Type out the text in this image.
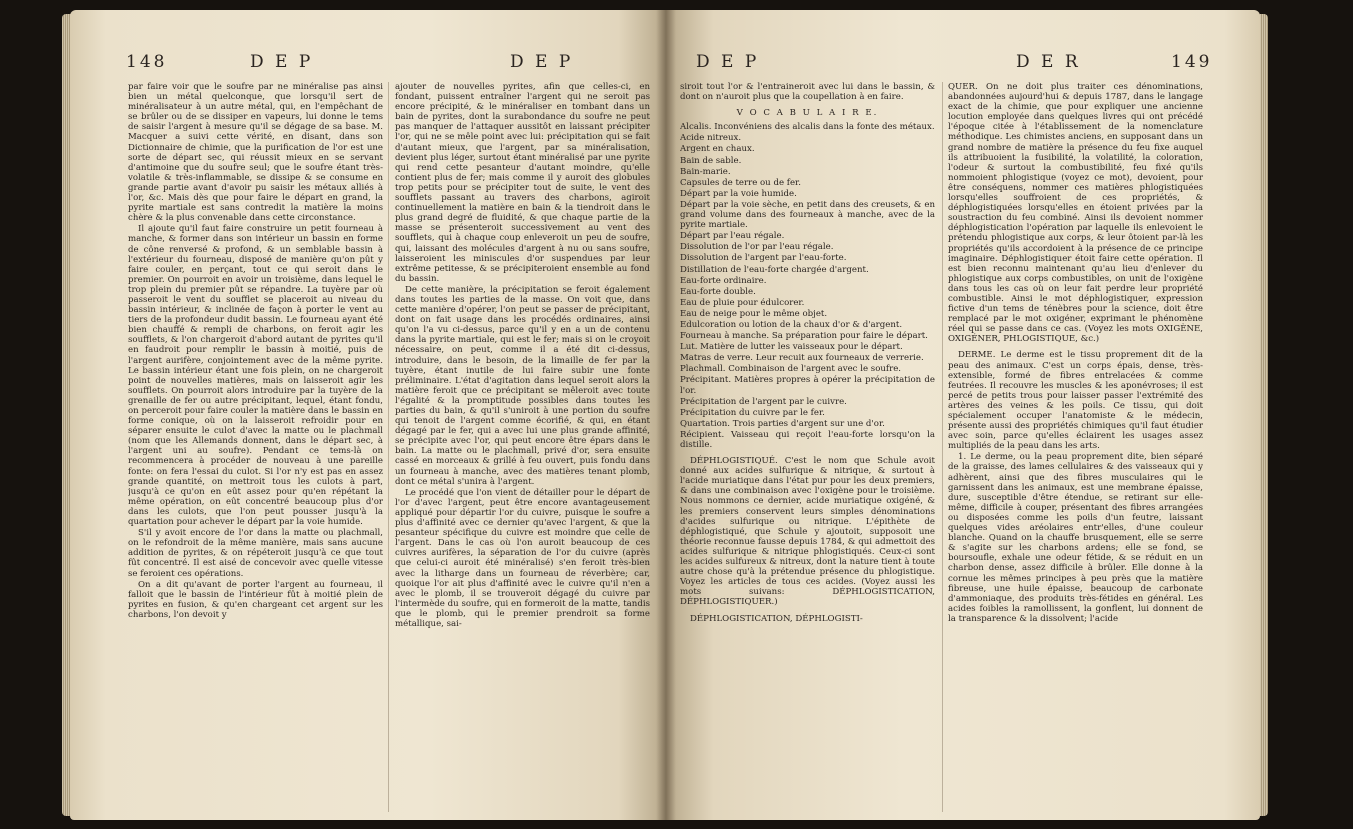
148	D E P	D E P

par faire voir que le soufre par ne minéralise pas ainsi bien un métal quelconque, que lorsqu'il sert de minéralisateur à un autre métal, qui, en l'empêchant de se brûler ou de se dissiper en vapeurs, lui donne le tems de saisir l'argent à mesure qu'il se dégage de sa base. M. Macquer a suivi cette vérité, en disant, dans son Dictionnaire de chimie, que la purification de l'or est une sorte de départ sec, qui réussit mieux en se servant d'antimoine que du soufre seul; que le soufre étant très-volatile & très-inflammable, se dissipe & se consume en grande partie avant d'avoir pu saisir les métaux alliés à l'or, &c. Mais dès que pour faire le départ en grand, la pyrite martiale est sans contredit la matière la moins chère & la plus convenable dans cette circonstance.

Il ajoute qu'il faut faire construire un petit fourneau à manche, & former dans son intérieur un bassin en forme de cône renversé & profond, & un semblable bassin à l'extérieur du fourneau, disposé de manière qu'on pût y faire couler, en perçant, tout ce qui seroit dans le premier. On pourroit en avoir un troisième, dans lequel le trop plein du premier pût se répandre. La tuyère par où passeroit le vent du soufflet se placeroit au niveau du bassin intérieur, & inclinée de façon à porter le vent au tiers de la profondeur dudit bassin. Le fourneau ayant été bien chauffé & rempli de charbons, on feroit agir les soufflets, & l'on chargeroit d'abord autant de pyrites qu'il en faudroit pour remplir le bassin à moitié, puis de l'argent aurifère, conjointement avec de la même pyrite. Le bassin intérieur étant une fois plein, on ne chargeroit point de nouvelles matières, mais on laisseroit agir les soufflets. On pourroit alors introduire par la tuyère de la grenaille de fer ou autre précipitant, lequel, étant fondu, on perceroit pour faire couler la matière dans le bassin en forme conique, où on la laisseroit refroidir pour en séparer ensuite le culot d'avec la matte ou le plachmall (nom que les Allemands donnent, dans le départ sec, à l'argent uni au soufre). Pendant ce tems-là on recommencera à procéder de nouveau à une pareille fonte: on fera l'essai du culot. Si l'or n'y est pas en assez grande quantité, on mettroit tous les culots à part, jusqu'à ce qu'on en eût assez pour qu'en répétant la même opération, on eût concentré beaucoup plus d'or dans les culots, que l'on peut pousser jusqu'à la quartation pour achever le départ par la voie humide.

S'il y avoit encore de l'or dans la matte ou plachmall, on le refondroit de la même manière, mais sans aucune addition de pyrites, & on répéteroit jusqu'à ce que tout fût concentré. Il est aisé de concevoir avec quelle vitesse se feroient ces opérations.

On a dit qu'avant de porter l'argent au fourneau, il falloit que le bassin de l'intérieur fût à moitié plein de pyrites en fusion, & qu'en chargeant cet argent sur les charbons, l'on devoit y

ajouter de nouvelles pyrites, afin que celles-ci, en fondant, puissent entraîner l'argent qui ne seroit pas encore précipité, & le minéraliser en tombant dans un bain de pyrites, dont la surabondance du soufre ne peut pas manquer de l'attaquer aussitôt en laissant précipiter l'or, qui ne se mêle point avec lui: précipitation qui se fait d'autant mieux, que l'argent, par sa minéralisation, devient plus léger, surtout étant minéralisé par une pyrite qui rend cette pesanteur d'autant moindre, qu'elle contient plus de fer; mais comme il y auroit des globules trop petits pour se précipiter tout de suite, le vent des soufflets passant au travers des charbons, agiroit continuellement la matière en bain & la tiendroit dans le plus grand degré de fluidité, & que chaque partie de la masse se présenteroit successivement au vent des soufflets, qui à chaque coup enleveroit un peu de soufre, qui, laissant des molécules d'argent à nu ou sans soufre, laisseroient les miniscules d'or suspendues par leur extrême petitesse, & se précipiteroient ensemble au fond du bassin.

De cette manière, la précipitation se feroit également dans toutes les parties de la masse. On voit que, dans cette manière d'opérer, l'on peut se passer de précipitant, dont on fait usage dans les procédés ordinaires, ainsi qu'on l'a vu ci-dessus, parce qu'il y en a un de contenu dans la pyrite martiale, qui est le fer; mais si on le croyoit nécessaire, on peut, comme il a été dit ci-dessus, introduire, dans le besoin, de la limaille de fer par la tuyère, étant inutile de lui faire subir une fonte préliminaire. L'état d'agitation dans lequel seroit alors la matière feroit que ce précipitant se mêleroit avec toute l'égalité & la promptitude possibles dans toutes les parties du bain, & qu'il s'uniroit à une portion du soufre qui tenoit de l'argent comme écorifié, & qui, en étant dégagé par le fer, qui a avec lui une plus grande affinité, se précipite avec l'or, qui peut encore être épars dans le bain. La matte ou le plachmall, privé d'or, sera ensuite cassé en morceaux & grillé à feu ouvert, puis fondu dans un fourneau à manche, avec des matières tenant plomb, dont ce métal s'unira à l'argent.

Le procédé que l'on vient de détailler pour le départ de l'or d'avec l'argent, peut être encore avantageusement appliqué pour départir l'or du cuivre, puisque le soufre a plus d'affinité avec ce dernier qu'avec l'argent, & que la pesanteur spécifique du cuivre est moindre que celle de l'argent. Dans le cas où l'on auroit beaucoup de ces cuivres aurifères, la séparation de l'or du cuivre (après que celui-ci auroit été minéralisé) s'en feroit très-bien avec la litharge dans un fourneau de réverbère; car, quoique l'or ait plus d'affinité avec le cuivre qu'il n'en a avec le plomb, il se trouveroit dégagé du cuivre par l'intermède du soufre, qui en formeroit de la matte, tandis que le plomb, qui le premier prendroit sa forme métallique, sai-

D E P	D E R	149

siroit tout l'or & l'entraineroit avec lui dans le bassin, & dont on n'auroit plus que la coupellation à en faire.

V O C A B U L A I R E.

Alcalis. Inconvéniens des alcalis dans la fonte des métaux.

Acide nitreux.

Argent en chaux.

Bain de sable.

Bain-marie.

Capsules de terre ou de fer.

Départ par la voie humide.

Départ par la voie sèche, en petit dans des creusets, & en grand volume dans des fourneaux à manche, avec de la pyrite martiale.

Départ par l'eau régale.

Dissolution de l'or par l'eau régale.

Dissolution de l'argent par l'eau-forte.

Distillation de l'eau-forte chargée d'argent.

Eau-forte ordinaire.

Eau-forte double.

Eau de pluie pour édulcorer.

Eau de neige pour le même objet.

Edulcoration ou lotion de la chaux d'or & d'argent.

Fourneau à manche. Sa préparation pour faire le départ.

Lut. Matière de lutter les vaisseaux pour le départ.

Matras de verre. Leur recuit aux fourneaux de verrerie.

Plachmall. Combinaison de l'argent avec le soufre.

Précipitant. Matières propres à opérer la précipitation de l'or.

Précipitation de l'argent par le cuivre.

Précipitation du cuivre par le fer.

Quartation. Trois parties d'argent sur une d'or.

Récipient. Vaisseau qui reçoit l'eau-forte lorsqu'on la distille.

DÉPHLOGISTIQUÉ. C'est le nom que Schule avoit donné aux acides sulfurique & nitrique, & surtout à l'acide muriatique dans l'état pur pour les deux premiers, & dans une combinaison avec l'oxigène pour le troisième. Nous nommons ce dernier, acide muriatique oxigéné, & les premiers conservent leurs simples dénominations d'acides sulfurique ou nitrique. L'épithète de déphlogistiqué, que Schule y ajoutoit, supposoit une théorie reconnue fausse depuis 1784, & qui admettoit des acides sulfurique & nitrique phlogistiqués. Ceux-ci sont les acides sulfureux & nitreux, dont la nature tient à toute autre chose qu'à la prétendue présence du phlogistique. Voyez les articles de tous ces acides. (Voyez aussi les mots suivans: DÉPHLOGISTICATION, DÉPHLOGISTIQUER.)

DÉPHLOGISTICATION, DÉPHLOGISTI-

QUER. On ne doit plus traiter ces dénominations, abandonnées aujourd'hui & depuis 1787, dans le langage exact de la chimie, que pour expliquer une ancienne locution employée dans quelques livres qui ont précédé l'époque citée à l'établissement de la nomenclature méthodique. Les chimistes anciens, en supposant dans un grand nombre de matière la présence du feu fixe auquel ils attribuoient la fusibilité, la volatilité, la coloration, l'odeur & surtout la combustibilité, feu fixé qu'ils nommoient phlogistique (voyez ce mot), devoient, pour être conséquens, nommer ces matières phlogistiquées lorsqu'elles souffroient de ces propriétés, & déphlogistiquées lorsqu'elles en étoient privées par la soustraction du feu combiné. Ainsi ils devoient nommer déphlogistication l'opération par laquelle ils enlevoient le prétendu phlogistique aux corps, & leur ôtoient par-là les propriétés qu'ils accordoient à la présence de ce principe imaginaire. Déphlogistiquer étoit faire cette opération. Il est bien reconnu maintenant qu'au lieu d'enlever du phlogistique aux corps combustibles, on unit de l'oxigène dans tous les cas où on leur fait perdre leur propriété combustible. Ainsi le mot déphlogistiquer, expression fictive d'un tems de ténèbres pour la science, doit être remplacé par le mot oxigéner, exprimant le phénomène réel qui se passe dans ce cas. (Voyez les mots OXIGÈNE, OXIGÉNER, PHLOGISTIQUE, &c.)

DERME. Le derme est le tissu proprement dit de la peau des animaux. C'est un corps épais, dense, très-extensible, formé de fibres entrelacées & comme feutrées. Il recouvre les muscles & les aponévroses; il est percé de petits trous pour laisser passer l'extrémité des artères des veines & les poils. Ce tissu, qui doit spécialement occuper l'anatomiste & le médecin, présente aussi des propriétés chimiques qu'il faut étudier avec soin, parce qu'elles éclairent les usages assez multipliés de la peau dans les arts.

1. Le derme, ou la peau proprement dite, bien séparé de la graisse, des lames cellulaires & des vaisseaux qui y adhèrent, ainsi que des fibres musculaires qui le garnissent dans les animaux, est une membrane épaisse, dure, susceptible d'être étendue, se retirant sur elle-même, difficile à couper, présentant des fibres arrangées ou disposées comme les poils d'un feutre, laissant quelques vides aréolaires entr'elles, d'une couleur blanche. Quand on la chauffe brusquement, elle se serre & s'agite sur les charbons ardens; elle se fond, se boursoufle, exhale une odeur fétide, & se réduit en un charbon dense, assez difficile à brûler. Elle donne à la cornue les mêmes principes à peu près que la matière fibreuse, une huile épaisse, beaucoup de carbonate d'ammoniaque, des produits très-fétides en général. Les acides foibles la ramollissent, la gonflent, lui donnent de la transparence & la dissolvent; l'acide
